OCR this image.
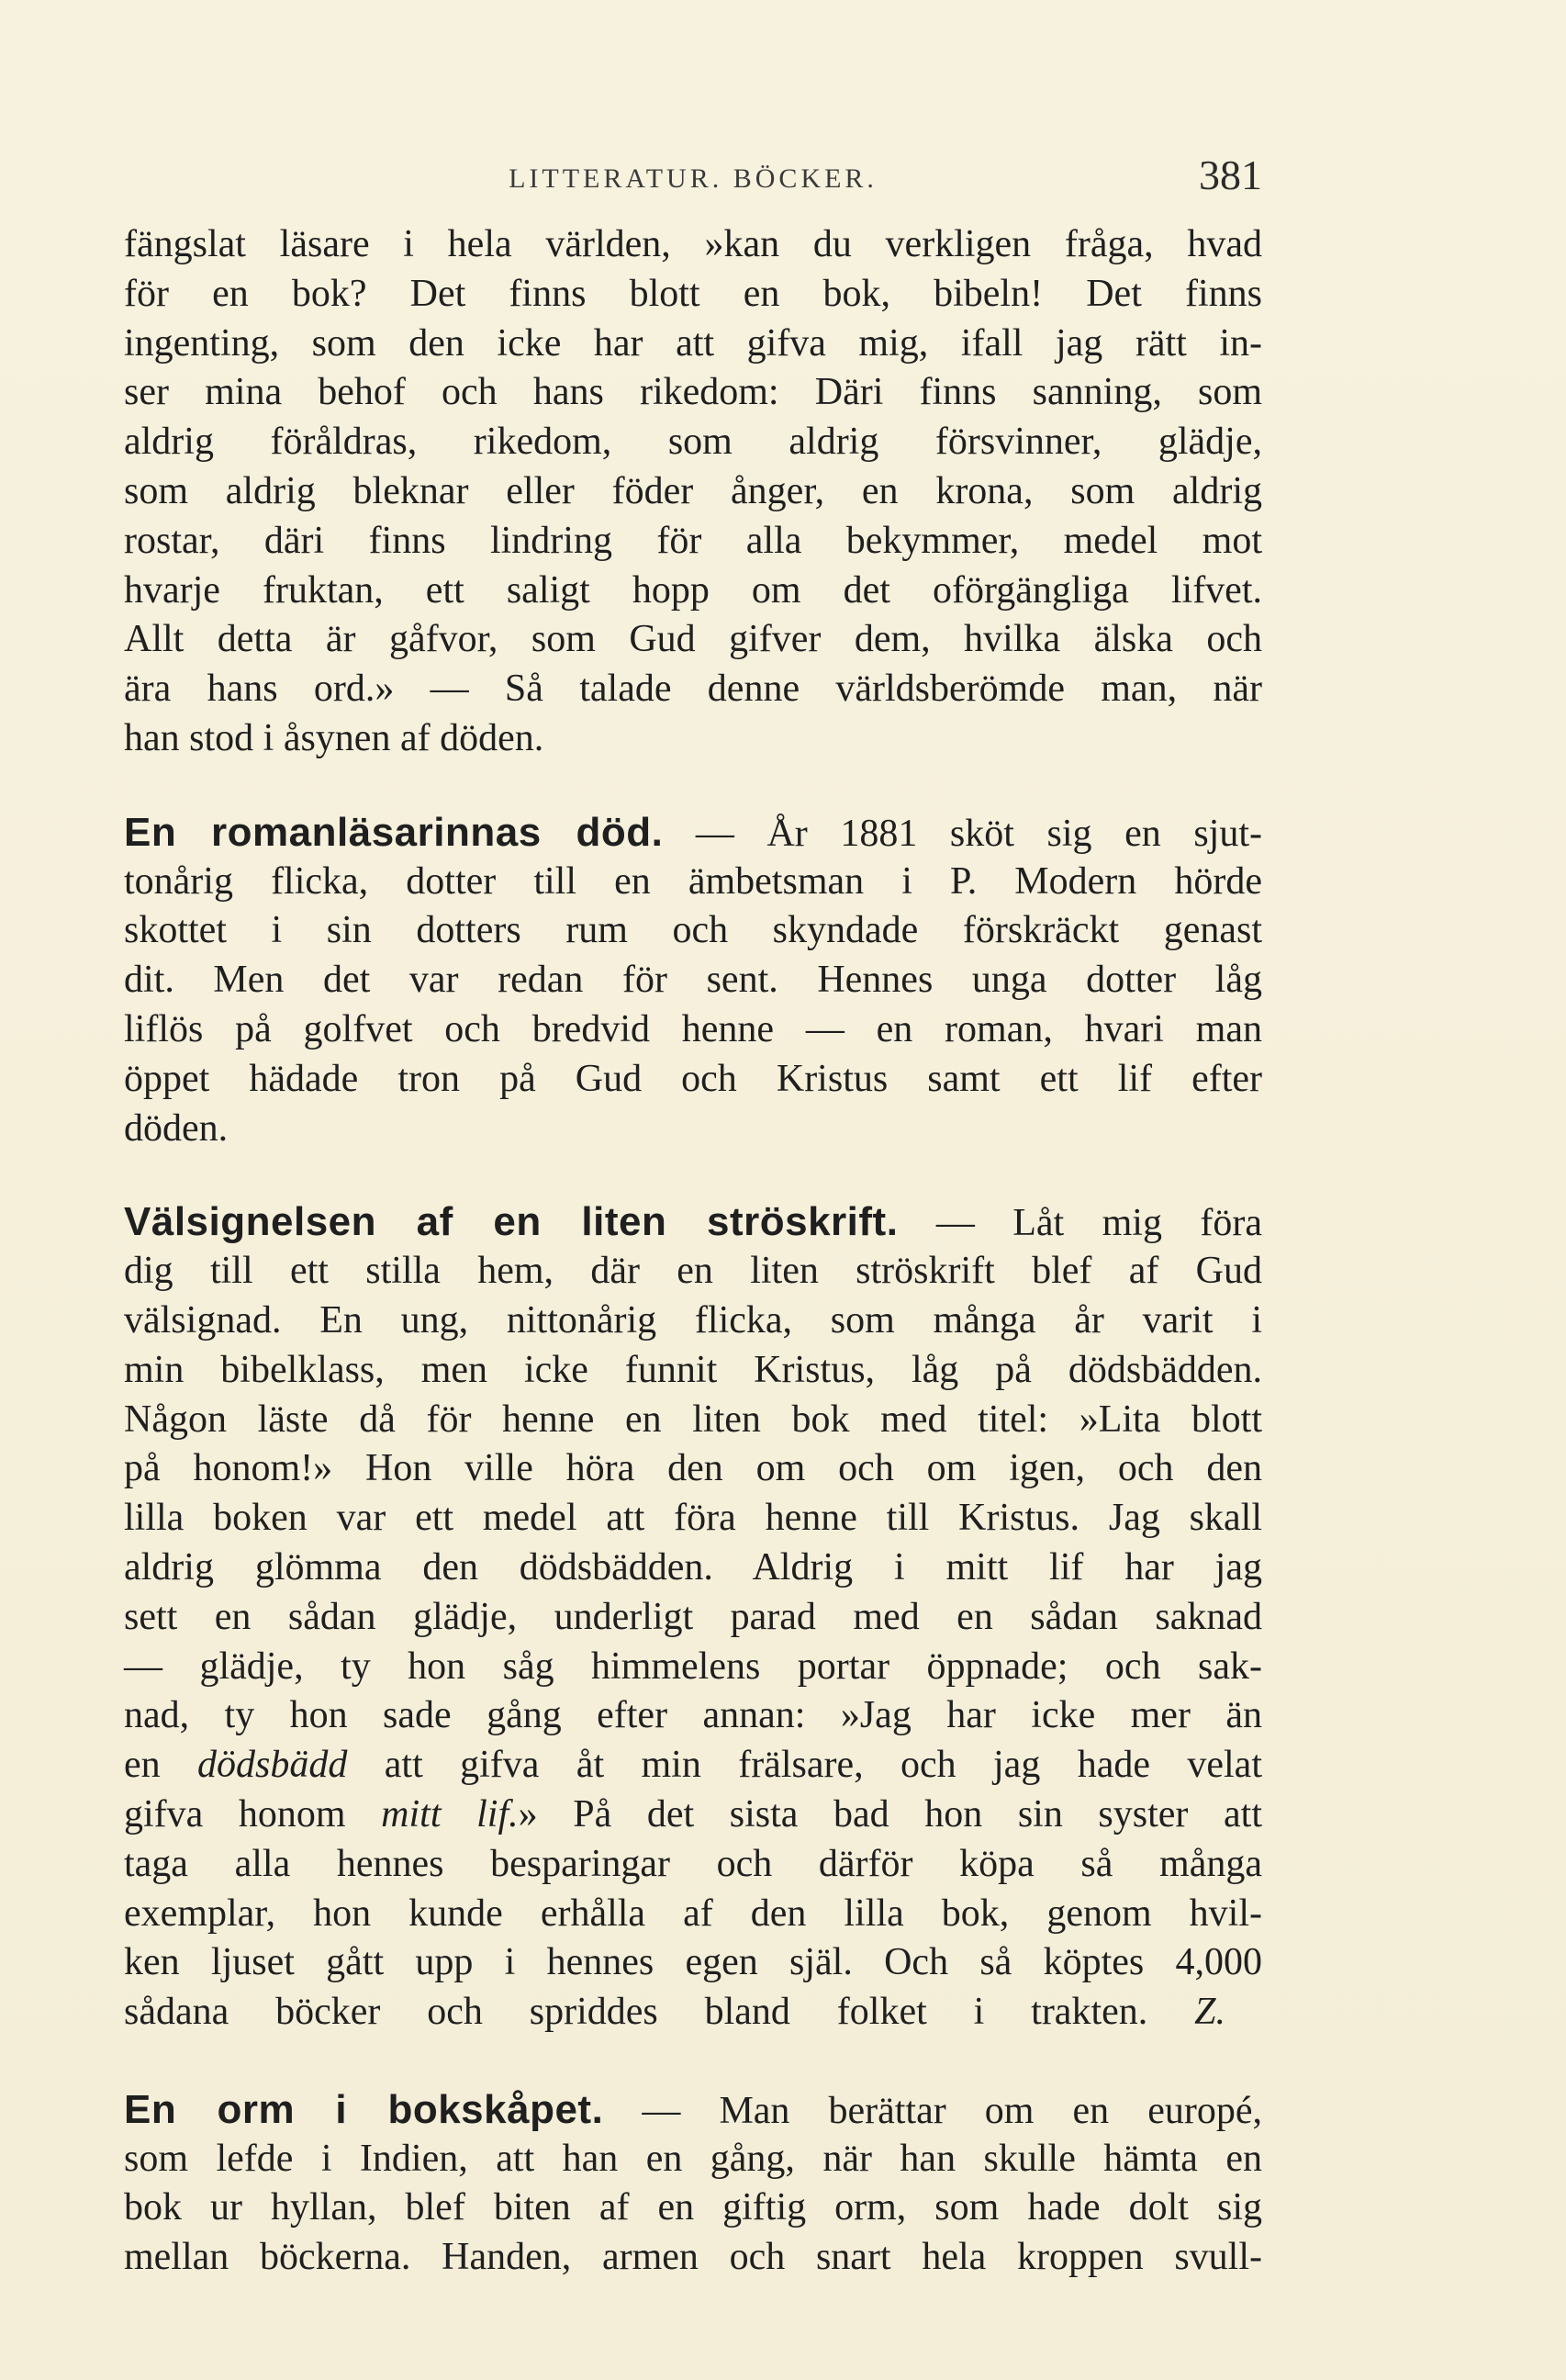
LITTERATUR. BÖCKER.	381
fängslat läsare i hela världen, »kan du verkligen fråga, hvad
för en bok? Det finns blott en bok, bibeln! Det finns
ingenting, som den icke har att gifva mig, ifall jag rätt in-
ser mina behof och hans rikedom: Däri finns sanning, som
aldrig föråldras, rikedom, som aldrig försvinner, glädje,
som aldrig bleknar eller föder ånger, en krona, som aldrig
rostar, däri finns lindring för alla bekymmer, medel mot
hvarje fruktan, ett saligt hopp om det oförgängliga lifvet.
Allt detta är gåfvor, som Gud gifver dem, hvilka älska och
ära hans ord.» — Så talade denne världsberömde man, när
han stod i åsynen af döden.
En romanläsarinnas död. — År 1881 sköt sig en sjut-
tonårig flicka, dotter till en ämbetsman i P. Modern hörde
skottet i sin dotters rum och skyndade förskräckt genast
dit. Men det var redan för sent. Hennes unga dotter låg
liflös på golfvet och bredvid henne — en roman, hvari man
öppet hädade tron på Gud och Kristus samt ett lif efter
döden.
Välsignelsen af en liten ströskrift. — Låt mig föra
dig till ett stilla hem, där en liten ströskrift blef af Gud
välsignad. En ung, nittonårig flicka, som många år varit i
min bibelklass, men icke funnit Kristus, låg på dödsbädden.
Någon läste då för henne en liten bok med titel: »Lita blott
på honom!» Hon ville höra den om och om igen, och den
lilla boken var ett medel att föra henne till Kristus. Jag skall
aldrig glömma den dödsbädden. Aldrig i mitt lif har jag
sett en sådan glädje, underligt parad med en sådan saknad
— glädje, ty hon såg himmelens portar öppnade; och sak-
nad, ty hon sade gång efter annan: »Jag har icke mer än
en dödsbädd att gifva åt min frälsare, och jag hade velat
gifva honom mitt lif.» På det sista bad hon sin syster att
taga alla hennes besparingar och därför köpa så många
exemplar, hon kunde erhålla af den lilla bok, genom hvil-
ken ljuset gått upp i hennes egen själ. Och så köptes 4,000
sådana böcker och spriddes bland folket i trakten. Z.
En orm i bokskåpet. — Man berättar om en europé,
som lefde i Indien, att han en gång, när han skulle hämta en
bok ur hyllan, blef biten af en giftig orm, som hade dolt sig
mellan böckerna. Handen, armen och snart hela kroppen svull-
